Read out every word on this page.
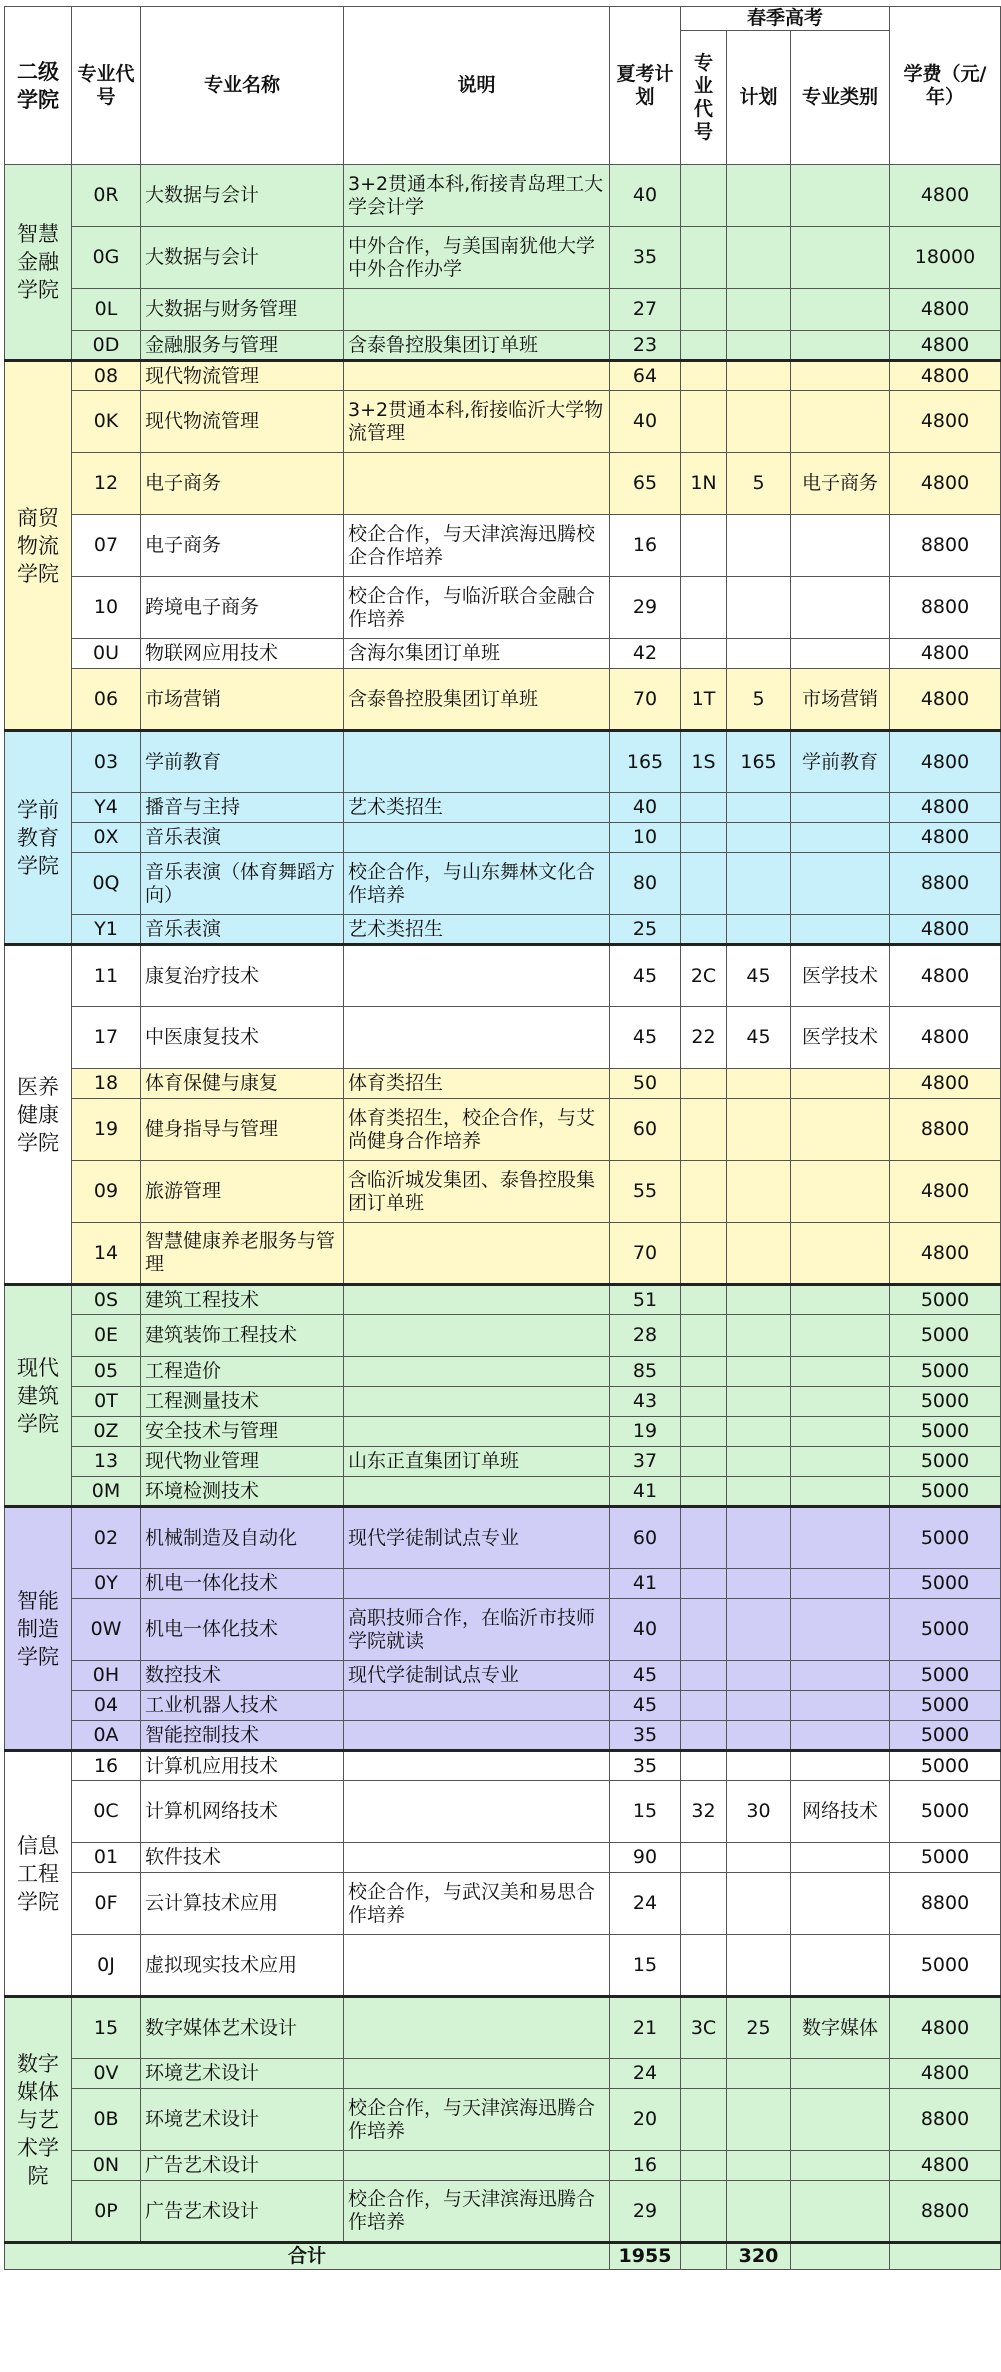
二级学院	专业代号	专业名称	说明	夏考计划	春季高考			学费（元/年）
					专业代号	计划	专业类别	
智慧金融学院	0R	大数据与会计	3+2贯通本科,衔接青岛理工大学会计学	40				4800
	0G	大数据与会计	中外合作，与美国南犹他大学中外合作办学	35				18000
	0L	大数据与财务管理		27				4800
	0D	金融服务与管理	含泰鲁控股集团订单班	23				4800
商贸物流学院	08	现代物流管理		64				4800
	0K	现代物流管理	3+2贯通本科,衔接临沂大学物流管理	40				4800
	12	电子商务		65	1N	5	电子商务	4800
	07	电子商务	校企合作，与天津滨海迅腾校企合作培养	16				8800
	10	跨境电子商务	校企合作，与临沂联合金融合作培养	29				8800
	0U	物联网应用技术	含海尔集团订单班	42				4800
	06	市场营销	含泰鲁控股集团订单班	70	1T	5	市场营销	4800
学前教育学院	03	学前教育		165	1S	165	学前教育	4800
	Y4	播音与主持	艺术类招生	40				4800
	0X	音乐表演		10				4800
	0Q	音乐表演（体育舞蹈方向）	校企合作，与山东舞林文化合作培养	80				8800
	Y1	音乐表演	艺术类招生	25				4800
医养健康学院	11	康复治疗技术		45	2C	45	医学技术	4800
	17	中医康复技术		45	22	45	医学技术	4800
	18	体育保健与康复	体育类招生	50				4800
	19	健身指导与管理	体育类招生，校企合作，与艾尚健身合作培养	60				8800
	09	旅游管理	含临沂城发集团、泰鲁控股集团订单班	55				4800
	14	智慧健康养老服务与管理		70				4800
现代建筑学院	0S	建筑工程技术		51				5000
	0E	建筑装饰工程技术		28				5000
	05	工程造价		85				5000
	0T	工程测量技术		43				5000
	0Z	安全技术与管理		19				5000
	13	现代物业管理	山东正直集团订单班	37				5000
	0M	环境检测技术		41				5000
智能制造学院	02	机械制造及自动化	现代学徒制试点专业	60				5000
	0Y	机电一体化技术		41				5000
	0W	机电一体化技术	高职技师合作，在临沂市技师学院就读	40				5000
	0H	数控技术	现代学徒制试点专业	45				5000
	04	工业机器人技术		45				5000
	0A	智能控制技术		35				5000
信息工程学院	16	计算机应用技术		35				5000
	0C	计算机网络技术		15	32	30	网络技术	5000
	01	软件技术		90				5000
	0F	云计算技术应用	校企合作，与武汉美和易思合作培养	24				8800
	0J	虚拟现实技术应用		15				5000
数字媒体与艺术学院	15	数字媒体艺术设计		21	3C	25	数字媒体	4800
	0V	环境艺术设计		24				4800
	0B	环境艺术设计	校企合作，与天津滨海迅腾合作培养	20				8800
	0N	广告艺术设计		16				4800
	0P	广告艺术设计	校企合作，与天津滨海迅腾合作培养	29				8800
合计				1955		320		
